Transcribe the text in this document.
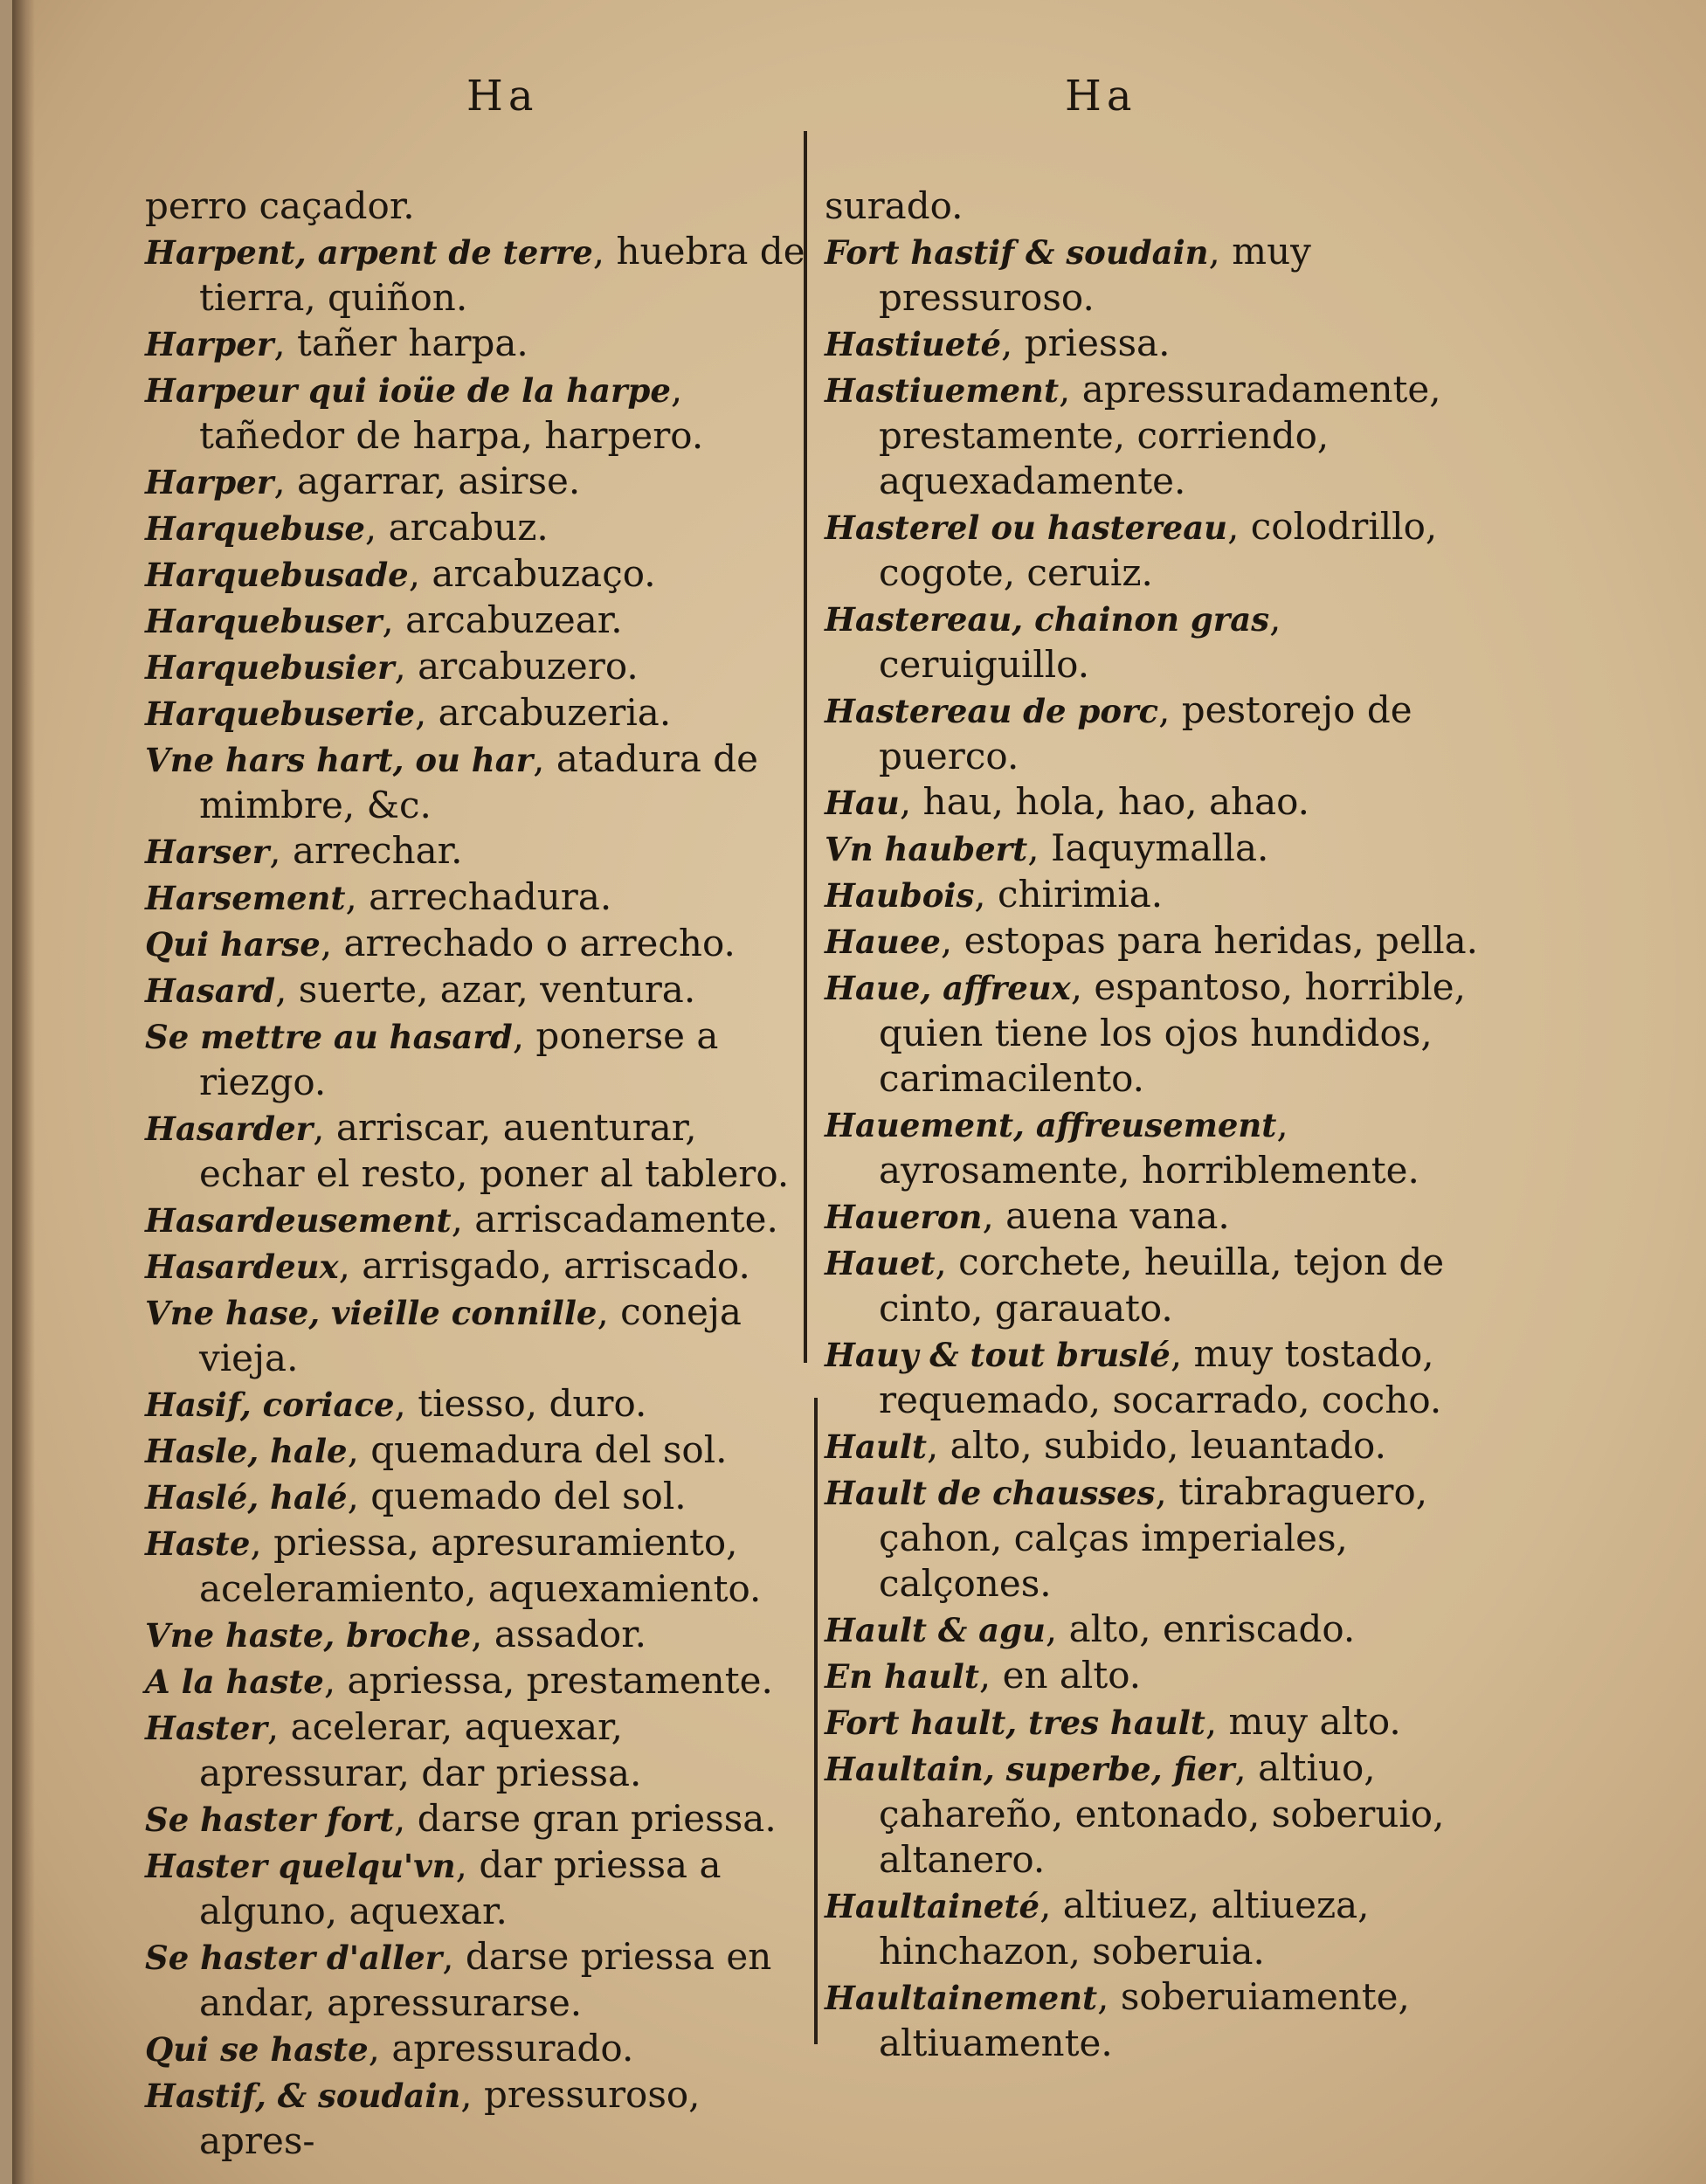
Ha	Ha

perro caçador.

Harpent, arpent de terre, huebra de tierra, quiñon.

Harper, tañer harpa.

Harpeur qui ioüe de la harpe, tañedor de harpa, harpero.

Harper, agarrar, asirse.

Harquebuse, arcabuz.

Harquebusade, arcabuzaço.

Harquebuser, arcabuzear.

Harquebusier, arcabuzero.

Harquebuserie, arcabuzeria.

Vne hars hart, ou har, atadura de mimbre, &c.

Harser, arrechar.

Harsement, arrechadura.

Qui harse, arrechado o arrecho.

Hasard, suerte, azar, ventura.

Se mettre au hasard, ponerse a riezgo.

Hasarder, arriscar, auenturar, echar el resto, poner al tablero.

Hasardeusement, arriscadamente.

Hasardeux, arrisgado, arriscado.

Vne hase, vieille connille, coneja vieja.

Hasif, coriace, tiesso, duro.

Hasle, hale, quemadura del sol.

Haslé, halé, quemado del sol.

Haste, priessa, apresuramiento, aceleramiento, aquexamiento.

Vne haste, broche, assador.

A la haste, apriessa, prestamente.

Haster, acelerar, aquexar, apressurar, dar priessa.

Se haster fort, darse gran priessa.

Haster quelqu'vn, dar priessa a alguno, aquexar.

Se haster d'aller, darse priessa en andar, apressurarse.

Qui se haste, apressurado.

Hastif, & soudain, pressuroso, apres-

surado.

Fort hastif & soudain, muy pressuroso.

Hastiueté, priessa.

Hastiuement, apressuradamente, prestamente, corriendo, aquexadamente.

Hasterel ou hastereau, colodrillo, cogote, ceruiz.

Hastereau, chainon gras, ceruiguillo.

Hastereau de porc, pestorejo de puerco.

Hau, hau, hola, hao, ahao.

Vn haubert, Iaquymalla.

Haubois, chirimia.

Hauee, estopas para heridas, pella.

Haue, affreux, espantoso, horrible, quien tiene los ojos hundidos, carimacilento.

Hauement, affreusement, ayrosamente, horriblemente.

Haueron, auena vana.

Hauet, corchete, heuilla, tejon de cinto, garauato.

Hauy & tout bruslé, muy tostado, requemado, socarrado, cocho.

Hault, alto, subido, leuantado.

Hault de chausses, tirabraguero, çahon, calças imperiales, calçones.

Hault & agu, alto, enriscado.

En hault, en alto.

Fort hault, tres hault, muy alto.

Haultain, superbe, fier, altiuo, çahareño, entonado, soberuio, altanero.

Haultaineté, altiuez, altiueza, hinchazon, soberuia.

Haultainement, soberuiamente, altiuamente.
